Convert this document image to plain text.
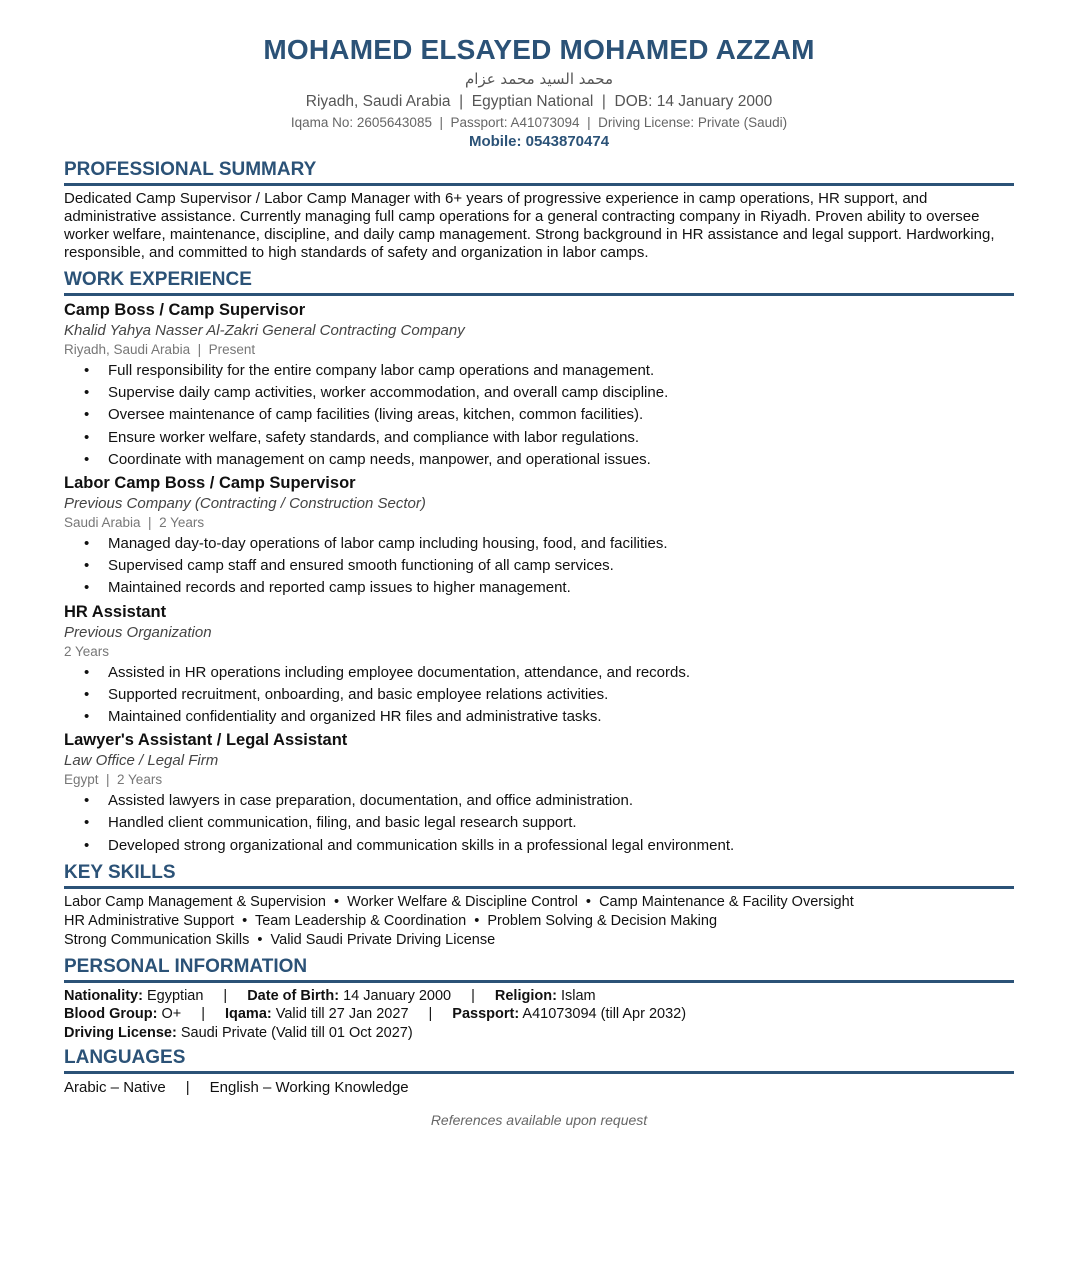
MOHAMED ELSAYED MOHAMED AZZAM
محمد السيد محمد عزام
Riyadh, Saudi Arabia  |  Egyptian National  |  DOB: 14 January 2000
Iqama No: 2605643085  |  Passport: A41073094  |  Driving License: Private (Saudi)
Mobile: 0543870474
PROFESSIONAL SUMMARY

Dedicated Camp Supervisor / Labor Camp Manager with 6+ years of progressive experience in camp operations, HR support, and administrative assistance. Currently managing full camp operations for a general contracting company in Riyadh. Proven ability to oversee worker welfare, maintenance, discipline, and daily camp management. Strong background in HR assistance and legal support. Hardworking, responsible, and committed to high standards of safety and organization in labor camps.

WORK EXPERIENCE
Camp Boss / Camp Supervisor
Khalid Yahya Nasser Al-Zakri General Contracting Company
Riyadh, Saudi Arabia  |  Present
• Full responsibility for the entire company labor camp operations and management.
• Supervise daily camp activities, worker accommodation, and overall camp discipline.
• Oversee maintenance of camp facilities (living areas, kitchen, common facilities).
• Ensure worker welfare, safety standards, and compliance with labor regulations.
• Coordinate with management on camp needs, manpower, and operational issues.
Labor Camp Boss / Camp Supervisor
Previous Company (Contracting / Construction Sector)
Saudi Arabia  |  2 Years
• Managed day-to-day operations of labor camp including housing, food, and facilities.
• Supervised camp staff and ensured smooth functioning of all camp services.
• Maintained records and reported camp issues to higher management.
HR Assistant
Previous Organization
2 Years
• Assisted in HR operations including employee documentation, attendance, and records.
• Supported recruitment, onboarding, and basic employee relations activities.
• Maintained confidentiality and organized HR files and administrative tasks.
Lawyer's Assistant / Legal Assistant
Law Office / Legal Firm
Egypt  |  2 Years
• Assisted lawyers in case preparation, documentation, and office administration.
• Handled client communication, filing, and basic legal research support.
• Developed strong organizational and communication skills in a professional legal environment.
KEY SKILLS
Labor Camp Management & Supervision  •  Worker Welfare & Discipline Control  •  Camp Maintenance & Facility Oversight
HR Administrative Support  •  Team Leadership & Coordination  •  Problem Solving & Decision Making
Strong Communication Skills  •  Valid Saudi Private Driving License
PERSONAL INFORMATION
Nationality: Egyptian | Date of Birth: 14 January 2000 | Religion: Islam
Blood Group: O+ | Iqama: Valid till 27 Jan 2027 | Passport: A41073094 (till Apr 2032)
Driving License: Saudi Private (Valid till 01 Oct 2027)
LANGUAGES
Arabic – Native | English – Working Knowledge
References available upon request
